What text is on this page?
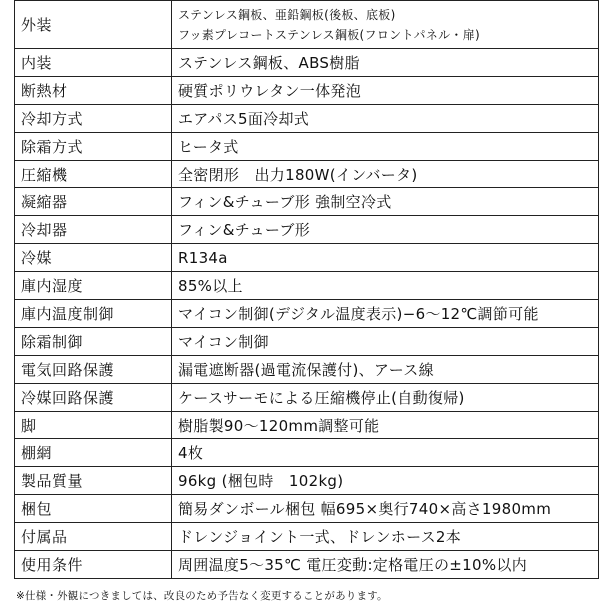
外装	ステンレス鋼板、亜鉛鋼板(後板、底板)
フッ素プレコートステンレス鋼板(フロントパネル・扉)

内装	ステンレス鋼板、ABS樹脂
断熱材	硬質ポリウレタン一体発泡
冷却方式	エアパス5面冷却式
除霜方式	ヒータ式
圧縮機	全密閉形　出力180W(インバータ)
凝縮器	フィン&チューブ形 強制空冷式
冷却器	フィン&チューブ形
冷媒	R134a
庫内湿度	85%以上
庫内温度制御	マイコン制御(デジタル温度表示)−6〜12℃調節可能
除霜制御	マイコン制御
電気回路保護	漏電遮断器(過電流保護付)、アース線
冷媒回路保護	ケースサーモによる圧縮機停止(自動復帰)
脚	樹脂製90〜120mm調整可能
棚網	4枚
製品質量	96kg (梱包時　102kg)
梱包	簡易ダンボール梱包 幅695×奥行740×高さ1980mm
付属品	ドレンジョイント一式、ドレンホース2本
使用条件	周囲温度5〜35℃ 電圧変動:定格電圧の±10%以内
※仕様・外観につきましては、改良のため予告なく変更することがあります。
